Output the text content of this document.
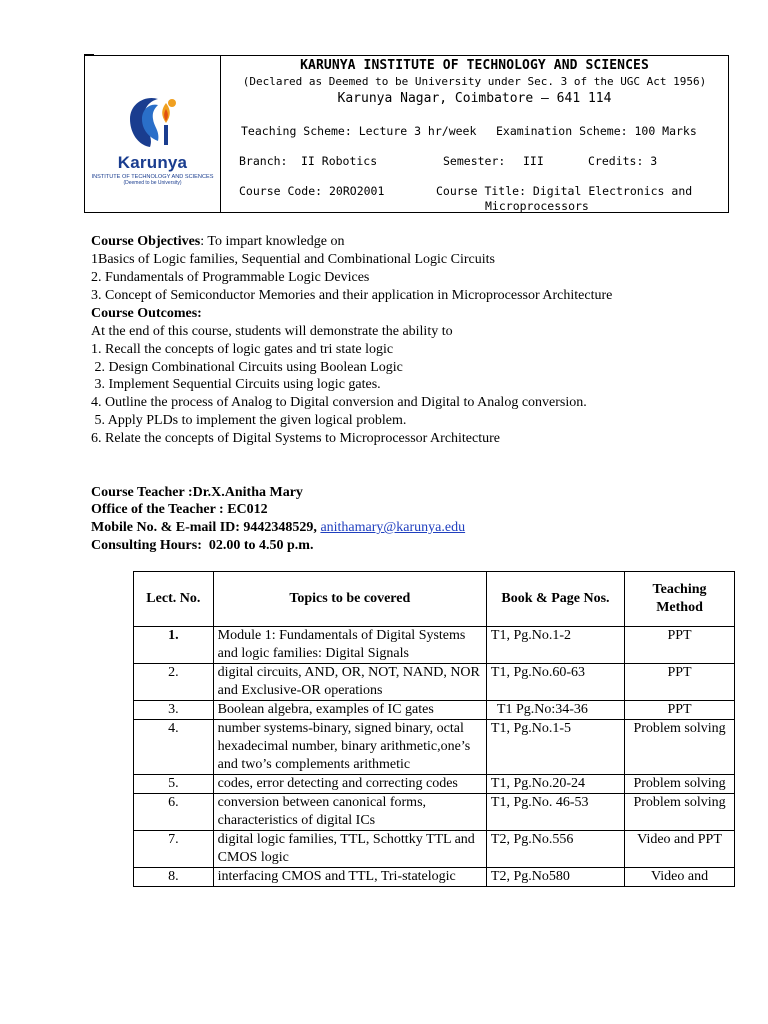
Karunya
INSTITUTE OF TECHNOLOGY AND SCIENCES
(Deemed to be University)
KARUNYA INSTITUTE OF TECHNOLOGY AND SCIENCES
(Declared as Deemed to be University under Sec. 3 of the UGC Act 1956)
Karunya Nagar, Coimbatore – 641 114
Teaching Scheme: Lecture 3 hr/week Examination Scheme: 100 Marks
Branch: II Robotics	Semester: III	Credits: 3
Course Code: 20RO2001	Course Title: Digital Electronics and
Microprocessors
Course Objectives: To impart knowledge on
1Basics of Logic families, Sequential and Combinational Logic Circuits
2. Fundamentals of Programmable Logic Devices
3. Concept of Semiconductor Memories and their application in Microprocessor Architecture
Course Outcomes:
At the end of this course, students will demonstrate the ability to
1. Recall the concepts of logic gates and tri state logic
2. Design Combinational Circuits using Boolean Logic
3. Implement Sequential Circuits using logic gates.
4. Outline the process of Analog to Digital conversion and Digital to Analog conversion.
5. Apply PLDs to implement the given logical problem.
6. Relate the concepts of Digital Systems to Microprocessor Architecture
Course Teacher :Dr.X.Anitha Mary
Office of the Teacher : EC012
Mobile No. & E-mail ID: 9442348529, anithamary@karunya.edu
Consulting Hours:  02.00 to 4.50 p.m.
Lect. No.	Topics to be covered	Book & Page Nos.	Teaching Method
1.	Module 1: Fundamentals of Digital Systems and logic families: Digital Signals	T1, Pg.No.1-2	PPT
2.	digital circuits, AND, OR, NOT, NAND, NOR and Exclusive-OR operations	T1, Pg.No.60-63	PPT
3.	Boolean algebra, examples of IC gates	T1 Pg.No:34-36	PPT
4.	number systems-binary, signed binary, octal hexadecimal number, binary arithmetic,one’s and two’s complements arithmetic	T1, Pg.No.1-5	Problem solving
5.	codes, error detecting and correcting codes	T1, Pg.No.20-24	Problem solving
6.	conversion between canonical forms, characteristics of digital ICs	T1, Pg.No. 46-53	Problem solving
7.	digital logic families, TTL, Schottky TTL and CMOS logic	T2, Pg.No.556	Video and PPT
8.	interfacing CMOS and TTL, Tri-statelogic	T2, Pg.No580	Video and
